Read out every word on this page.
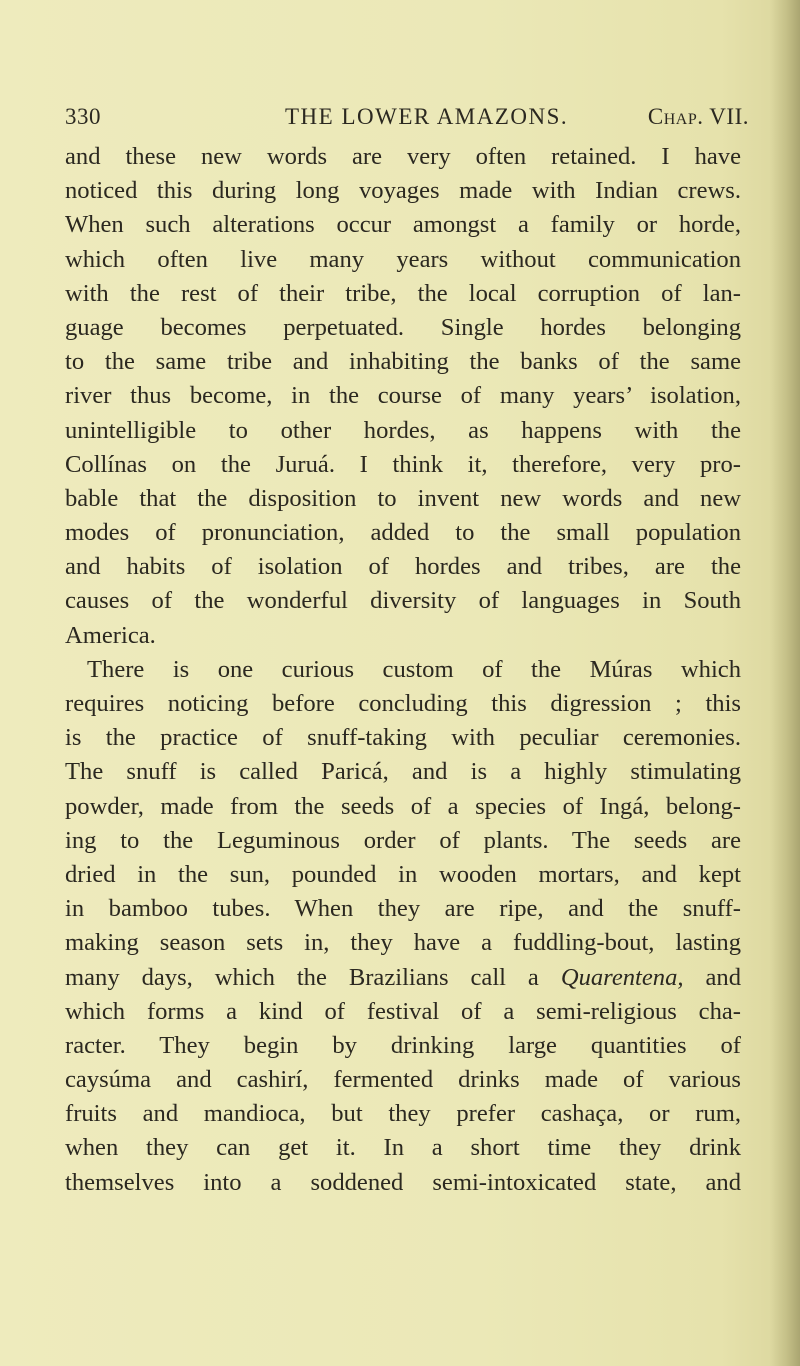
330	THE LOWER AMAZONS.	Chap. VII.
and these new words are very often retained. I have
noticed this during long voyages made with Indian crews.
When such alterations occur amongst a family or horde,
which often live many years without communication
with the rest of their tribe, the local corruption of lan-
guage becomes perpetuated. Single hordes belonging
to the same tribe and inhabiting the banks of the same
river thus become, in the course of many years’ isolation,
unintelligible to other hordes, as happens with the
Collínas on the Juruá. I think it, therefore, very pro-
bable that the disposition to invent new words and new
modes of pronunciation, added to the small population
and habits of isolation of hordes and tribes, are the
causes of the wonderful diversity of languages in South
America.
There is one curious custom of the Múras which
requires noticing before concluding this digression ; this
is the practice of snuff-taking with peculiar ceremonies.
The snuff is called Paricá, and is a highly stimulating
powder, made from the seeds of a species of Ingá, belong-
ing to the Leguminous order of plants. The seeds are
dried in the sun, pounded in wooden mortars, and kept
in bamboo tubes. When they are ripe, and the snuff-
making season sets in, they have a fuddling-bout, lasting
many days, which the Brazilians call a Quarentena, and
which forms a kind of festival of a semi-religious cha-
racter. They begin by drinking large quantities of
caysúma and cashirí, fermented drinks made of various
fruits and mandioca, but they prefer cashaça, or rum,
when they can get it. In a short time they drink
themselves into a soddened semi-intoxicated state, and
